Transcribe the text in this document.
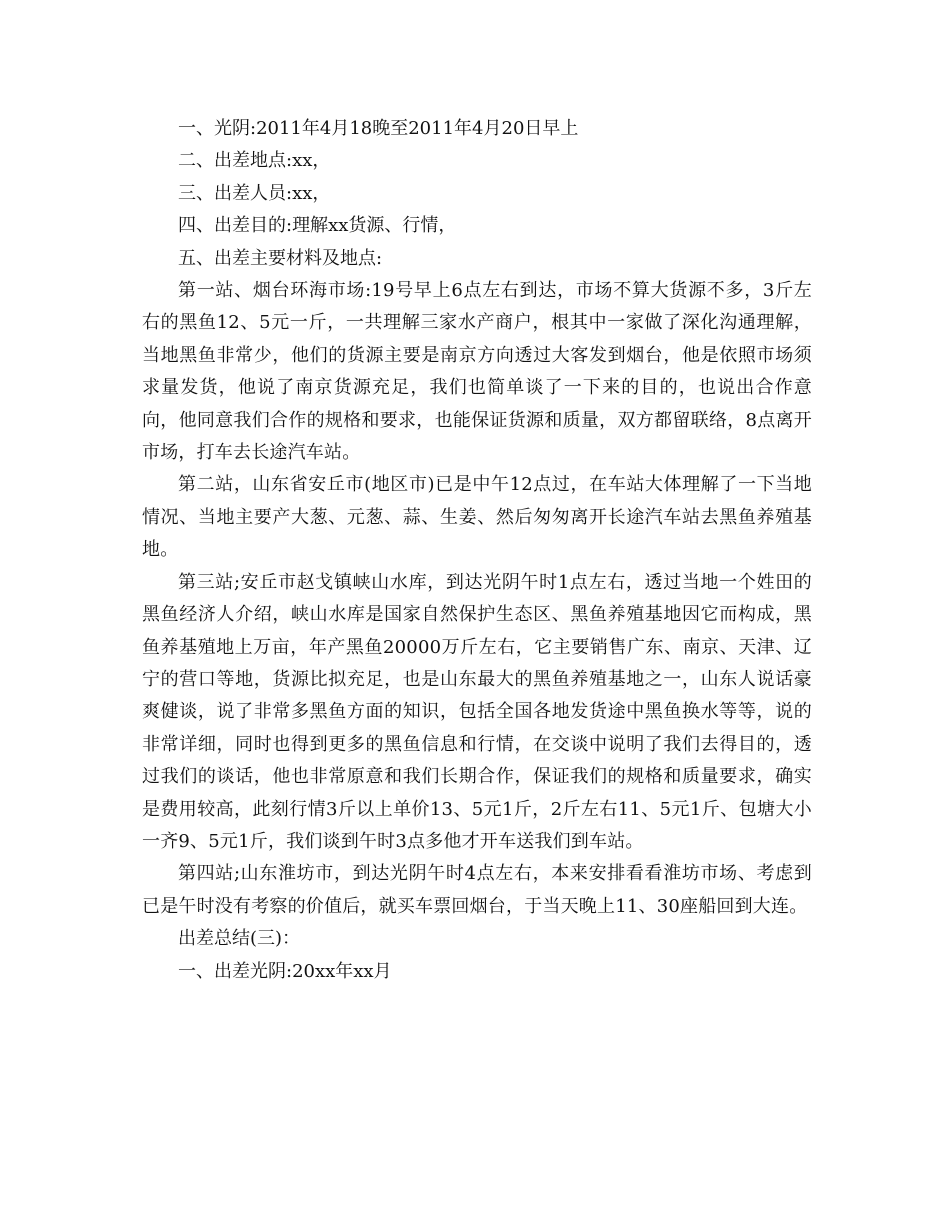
一、光阴:2011年4月18晚至2011年4月20日早上

二、出差地点:xx，

三、出差人员:xx，

四、出差目的:理解xx货源、行情，

五、出差主要材料及地点:

第一站、烟台环海市场:19号早上6点左右到达，市场不算大货源不多，3斤左右的黑鱼12、5元一斤，一共理解三家水产商户，根其中一家做了深化沟通理解，当地黑鱼非常少，他们的货源主要是南京方向透过大客发到烟台，他是依照市场须求量发货，他说了南京货源充足，我们也简单谈了一下来的目的，也说出合作意向，他同意我们合作的规格和要求，也能保证货源和质量，双方都留联络，8点离开市场，打车去长途汽车站。

第二站，山东省安丘市(地区市)已是中午12点过，在车站大体理解了一下当地情况、当地主要产大葱、元葱、蒜、生姜、然后匆匆离开长途汽车站去黑鱼养殖基地。

第三站;安丘市赵戈镇峡山水库，到达光阴午时1点左右，透过当地一个姓田的黑鱼经济人介绍，峡山水库是国家自然保护生态区、黑鱼养殖基地因它而构成，黑鱼养基殖地上万亩，年产黑鱼20000万斤左右，它主要销售广东、南京、天津、辽宁的营口等地，货源比拟充足，也是山东最大的黑鱼养殖基地之一，山东人说话豪爽健谈，说了非常多黑鱼方面的知识，包括全国各地发货途中黑鱼换水等等，说的非常详细，同时也得到更多的黑鱼信息和行情，在交谈中说明了我们去得目的，透过我们的谈话，他也非常原意和我们长期合作，保证我们的规格和质量要求，确实是费用较高，此刻行情3斤以上单价13、5元1斤，2斤左右11、5元1斤、包塘大小一齐9、5元1斤，我们谈到午时3点多他才开车送我们到车站。

第四站;山东淮坊市，到达光阴午时4点左右，本来安排看看淮坊市场、考虑到已是午时没有考察的价值后，就买车票回烟台，于当天晚上11、30座船回到大连。

出差总结(三)：

一、出差光阴:20xx年xx月
